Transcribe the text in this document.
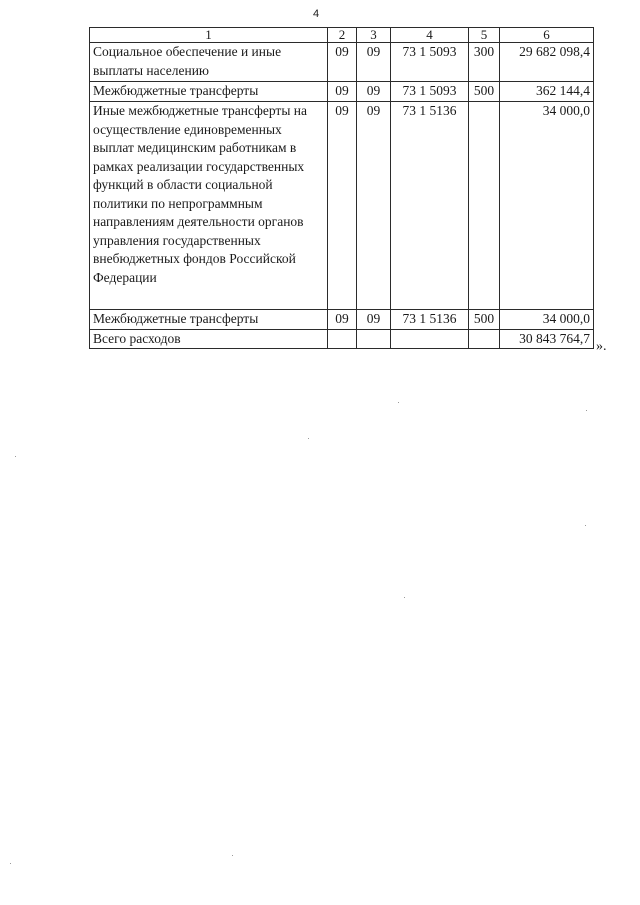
4
1	2	3	4	5	6
Социальное обеспечение и иные выплаты населению	09	09	73 1 5093	300	29 682 098,4
Межбюджетные трансферты	09	09	73 1 5093	500	362 144,4
Иные межбюджетные трансферты на осуществление единовременных выплат медицинским работникам в рамках реализации государственных функций в области социальной политики по непрограммным направлениям деятельности органов управления государственных внебюджетных фондов Российской Федерации	09	09	73 1 5136		34 000,0
Межбюджетные трансферты	09	09	73 1 5136	500	34 000,0
Всего расходов					30 843 764,7
».
